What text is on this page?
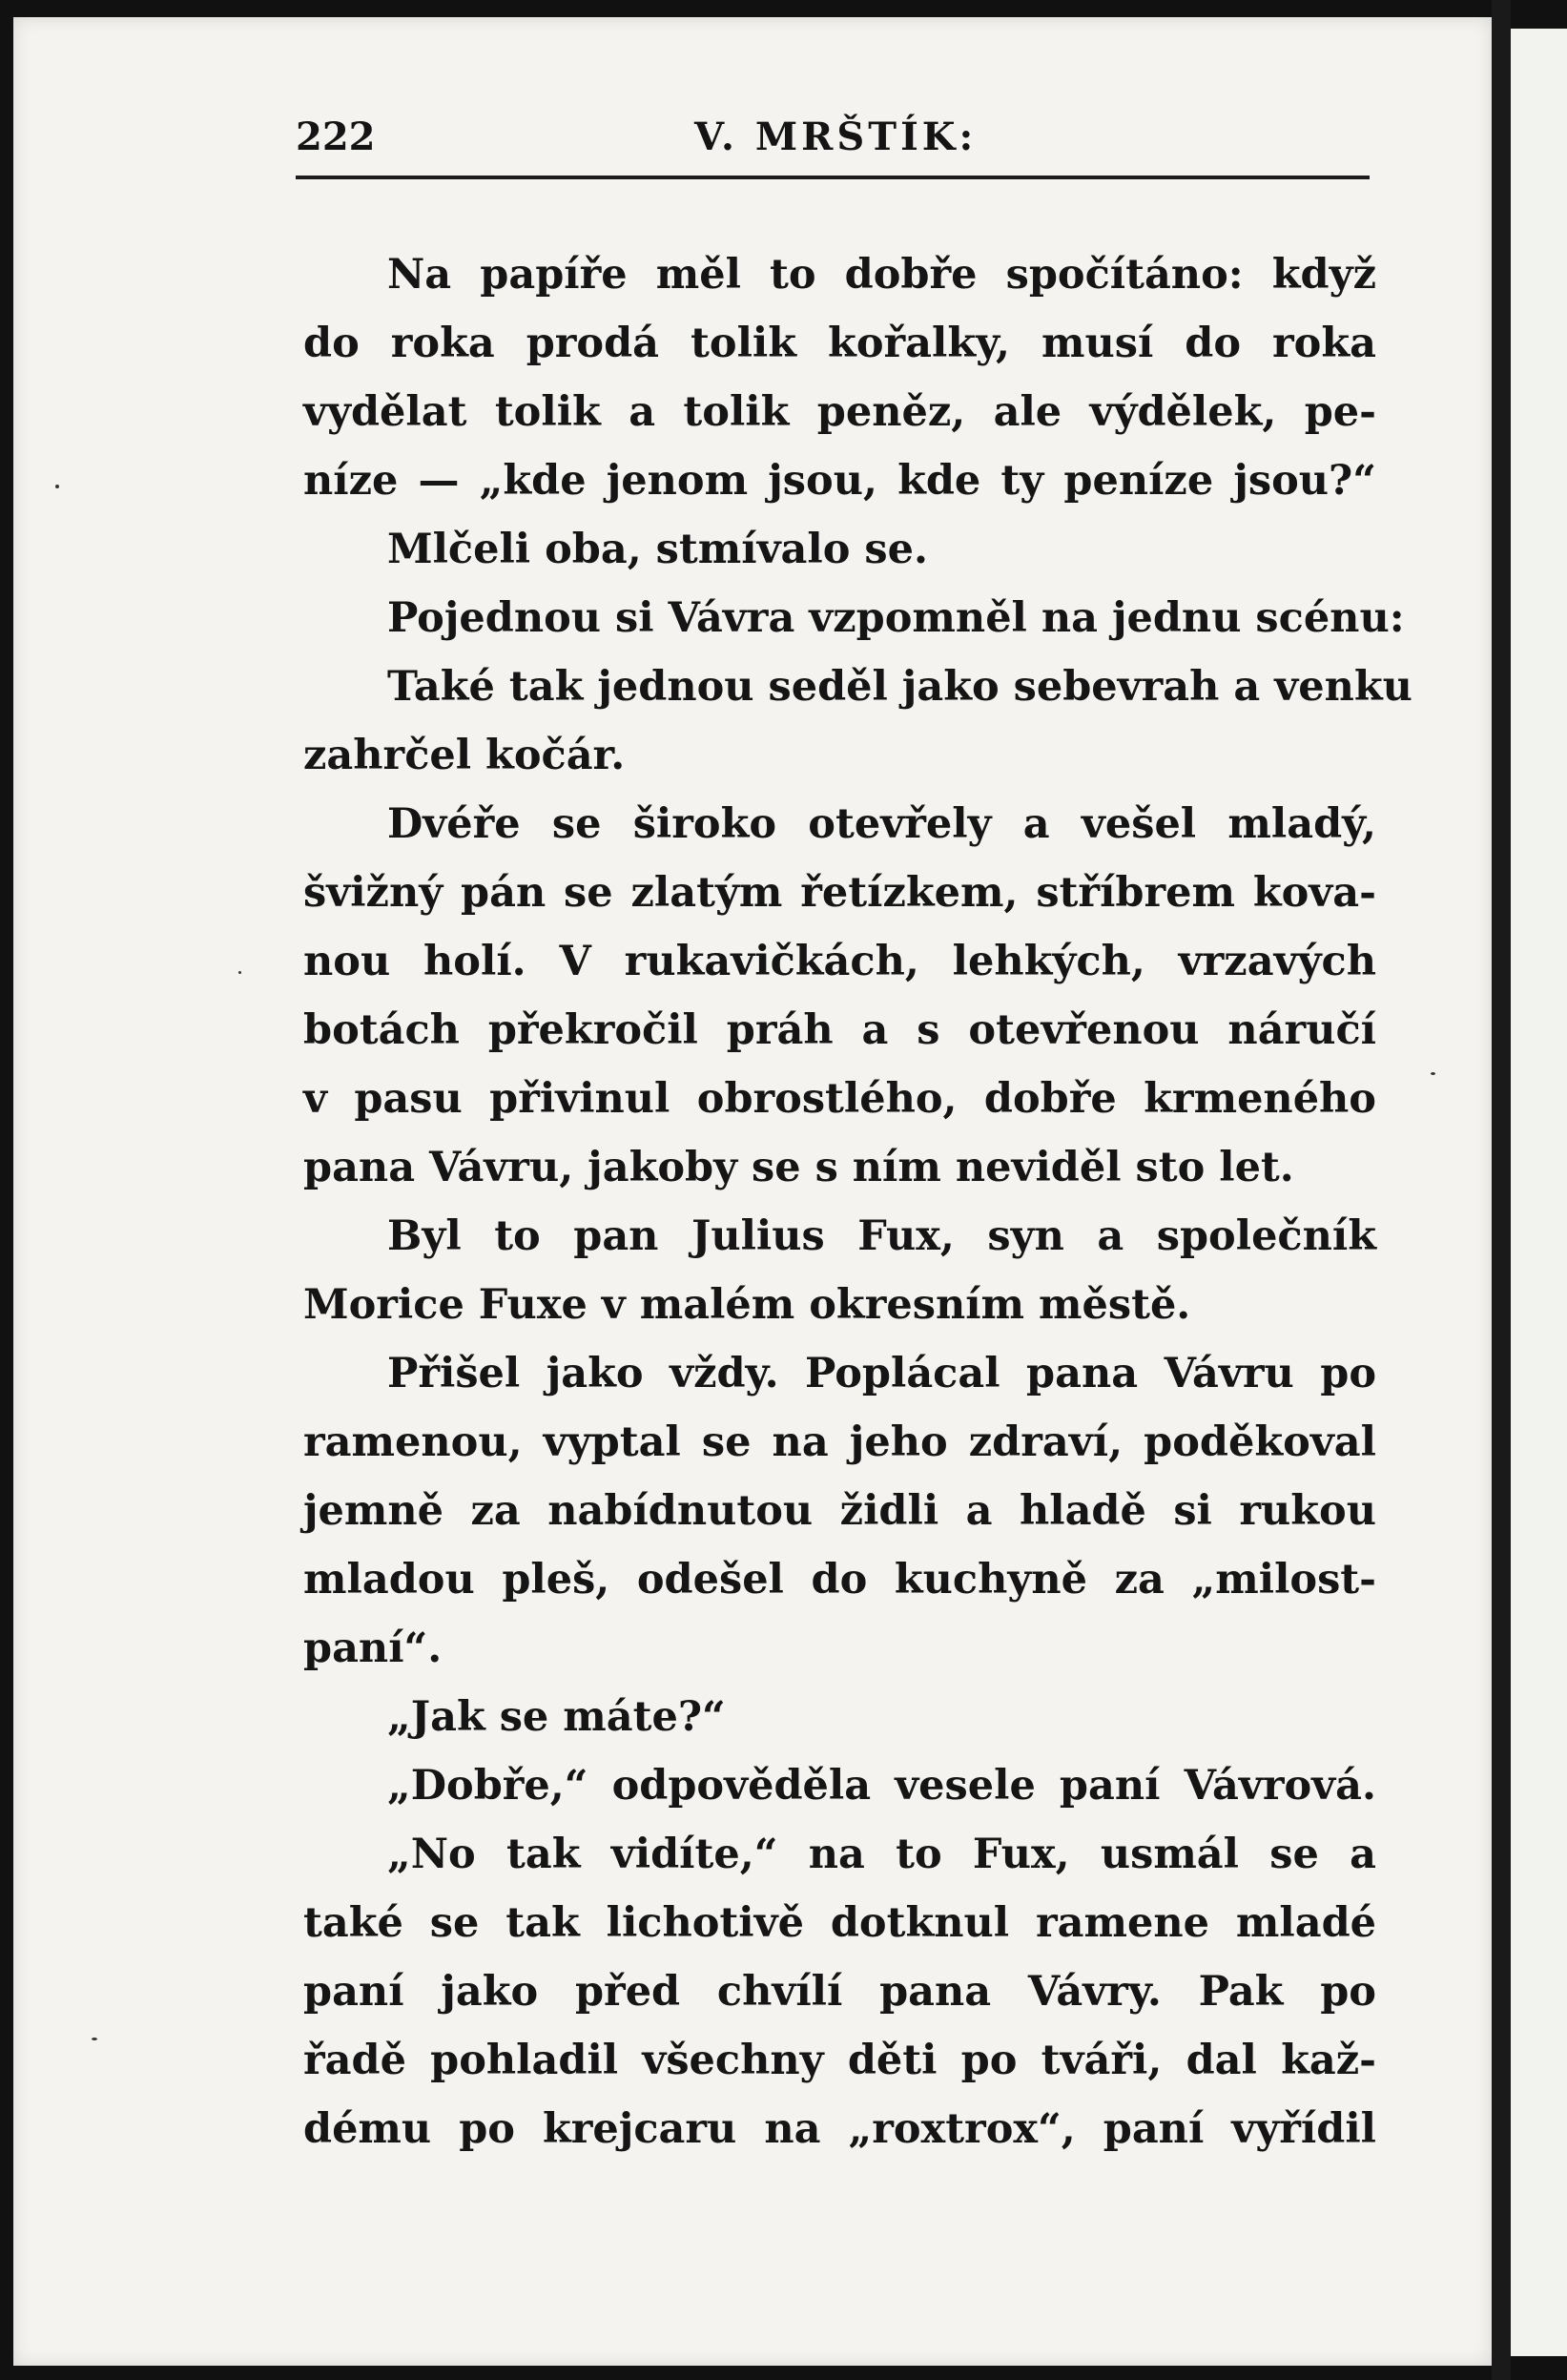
222	V. MRŠTÍK:
Na papíře měl to dobře spočítáno: když
do roka prodá tolik kořalky, musí do roka
vydělat tolik a tolik peněz, ale výdělek, pe-
níze — „kde jenom jsou, kde ty peníze jsou?“
Mlčeli oba, stmívalo se.
Pojednou si Vávra vzpomněl na jednu scénu:
Také tak jednou seděl jako sebevrah a venku
zahrčel kočár.
Dvéře se široko otevřely a vešel mladý,
švižný pán se zlatým řetízkem, stříbrem kova-
nou holí. V rukavičkách, lehkých, vrzavých
botách překročil práh a s otevřenou náručí
v pasu přivinul obrostlého, dobře krmeného
pana Vávru, jakoby se s ním neviděl sto let.
Byl to pan Julius Fux, syn a společník
Morice Fuxe v malém okresním městě.
Přišel jako vždy. Poplácal pana Vávru po
ramenou, vyptal se na jeho zdraví, poděkoval
jemně za nabídnutou židli a hladě si rukou
mladou pleš, odešel do kuchyně za „milost-
paní“.
„Jak se máte?“
„Dobře,“ odpověděla vesele paní Vávrová.
„No tak vidíte,“ na to Fux, usmál se a
také se tak lichotivě dotknul ramene mladé
paní jako před chvílí pana Vávry. Pak po
řadě pohladil všechny děti po tváři, dal kaž-
dému po krejcaru na „roxtrox“, paní vyřídil
